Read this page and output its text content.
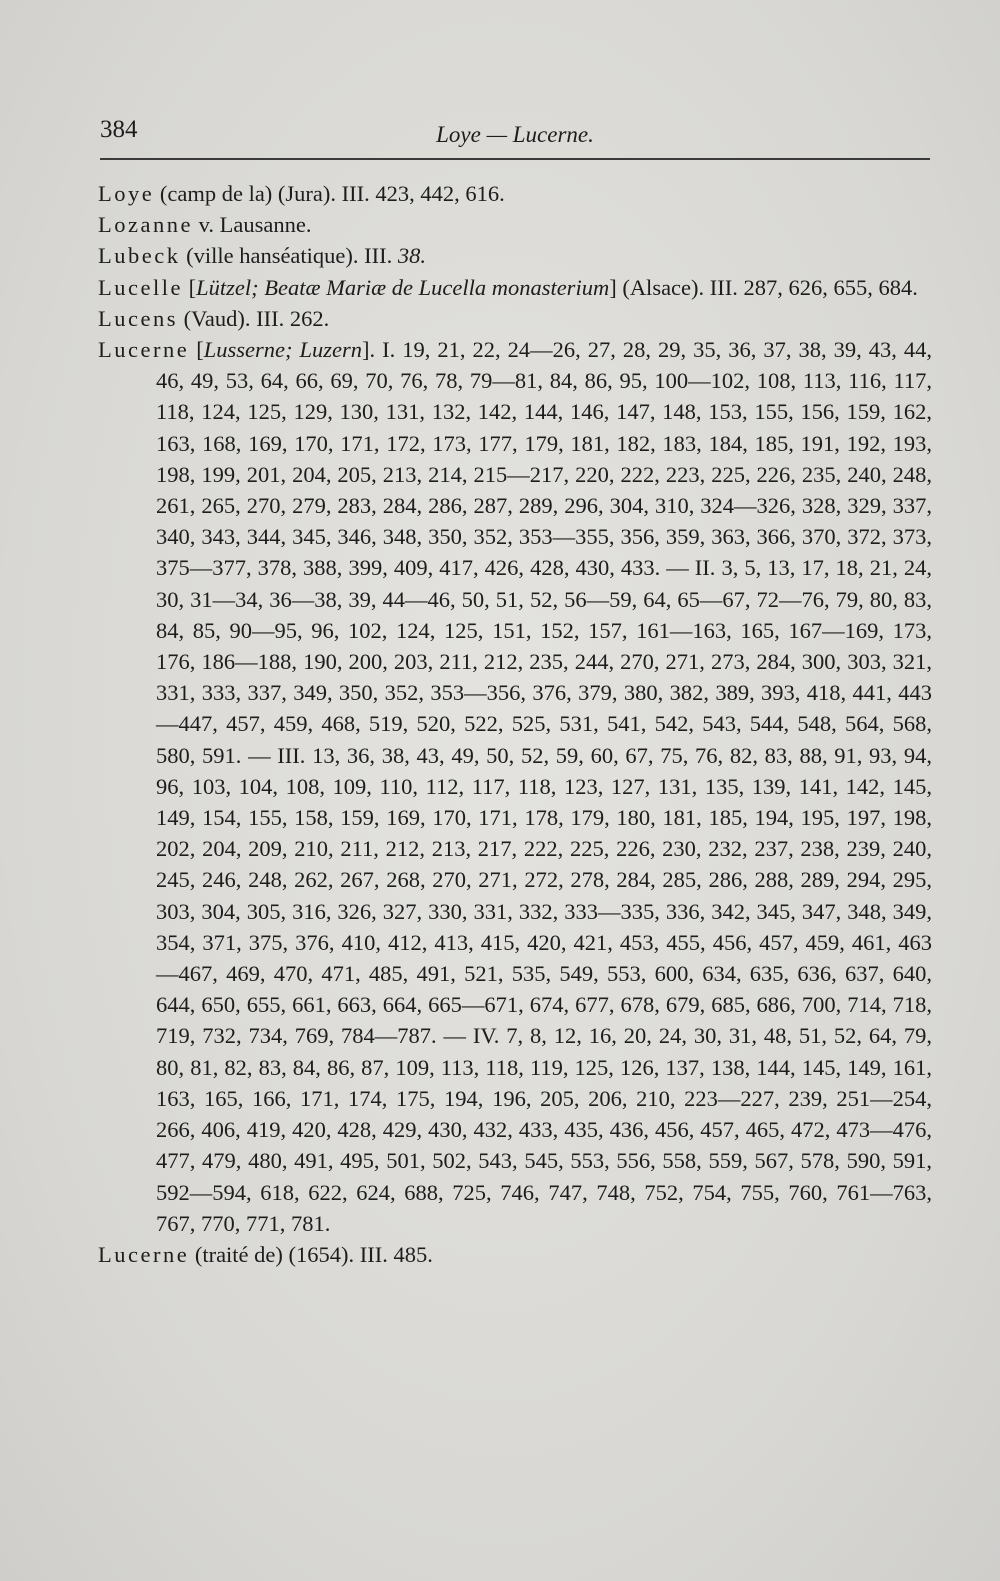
384	Loye — Lucerne.

Loye (camp de la) (Jura). III. 423, 442, 616.

Lozanne v. Lausanne.

Lubeck (ville hanséatique). III. 38.

Lucelle [Lützel; Beatæ Mariæ de Lucella monasterium] (Alsace). III. 287, 626, 655, 684.

Lucens (Vaud). III. 262.

Lucerne [Lusserne; Luzern]. I. 19, 21, 22, 24—26, 27, 28, 29, 35, 36, 37, 38, 39, 43, 44, 46, 49, 53, 64, 66, 69, 70, 76, 78, 79—81, 84, 86, 95, 100—102, 108, 113, 116, 117, 118, 124, 125, 129, 130, 131, 132, 142, 144, 146, 147, 148, 153, 155, 156, 159, 162, 163, 168, 169, 170, 171, 172, 173, 177, 179, 181, 182, 183, 184, 185, 191, 192, 193, 198, 199, 201, 204, 205, 213, 214, 215—217, 220, 222, 223, 225, 226, 235, 240, 248, 261, 265, 270, 279, 283, 284, 286, 287, 289, 296, 304, 310, 324—326, 328, 329, 337, 340, 343, 344, 345, 346, 348, 350, 352, 353—355, 356, 359, 363, 366, 370, 372, 373, 375—377, 378, 388, 399, 409, 417, 426, 428, 430, 433. — II. 3, 5, 13, 17, 18, 21, 24, 30, 31—34, 36—38, 39, 44—46, 50, 51, 52, 56—59, 64, 65—67, 72—76, 79, 80, 83, 84, 85, 90—95, 96, 102, 124, 125, 151, 152, 157, 161—163, 165, 167—169, 173, 176, 186—188, 190, 200, 203, 211, 212, 235, 244, 270, 271, 273, 284, 300, 303, 321, 331, 333, 337, 349, 350, 352, 353—356, 376, 379, 380, 382, 389, 393, 418, 441, 443—447, 457, 459, 468, 519, 520, 522, 525, 531, 541, 542, 543, 544, 548, 564, 568, 580, 591. — III. 13, 36, 38, 43, 49, 50, 52, 59, 60, 67, 75, 76, 82, 83, 88, 91, 93, 94, 96, 103, 104, 108, 109, 110, 112, 117, 118, 123, 127, 131, 135, 139, 141, 142, 145, 149, 154, 155, 158, 159, 169, 170, 171, 178, 179, 180, 181, 185, 194, 195, 197, 198, 202, 204, 209, 210, 211, 212, 213, 217, 222, 225, 226, 230, 232, 237, 238, 239, 240, 245, 246, 248, 262, 267, 268, 270, 271, 272, 278, 284, 285, 286, 288, 289, 294, 295, 303, 304, 305, 316, 326, 327, 330, 331, 332, 333—335, 336, 342, 345, 347, 348, 349, 354, 371, 375, 376, 410, 412, 413, 415, 420, 421, 453, 455, 456, 457, 459, 461, 463—467, 469, 470, 471, 485, 491, 521, 535, 549, 553, 600, 634, 635, 636, 637, 640, 644, 650, 655, 661, 663, 664, 665—671, 674, 677, 678, 679, 685, 686, 700, 714, 718, 719, 732, 734, 769, 784—787. — IV. 7, 8, 12, 16, 20, 24, 30, 31, 48, 51, 52, 64, 79, 80, 81, 82, 83, 84, 86, 87, 109, 113, 118, 119, 125, 126, 137, 138, 144, 145, 149, 161, 163, 165, 166, 171, 174, 175, 194, 196, 205, 206, 210, 223—227, 239, 251—254, 266, 406, 419, 420, 428, 429, 430, 432, 433, 435, 436, 456, 457, 465, 472, 473—476, 477, 479, 480, 491, 495, 501, 502, 543, 545, 553, 556, 558, 559, 567, 578, 590, 591, 592—594, 618, 622, 624, 688, 725, 746, 747, 748, 752, 754, 755, 760, 761—763, 767, 770, 771, 781.

Lucerne (traité de) (1654). III. 485.
